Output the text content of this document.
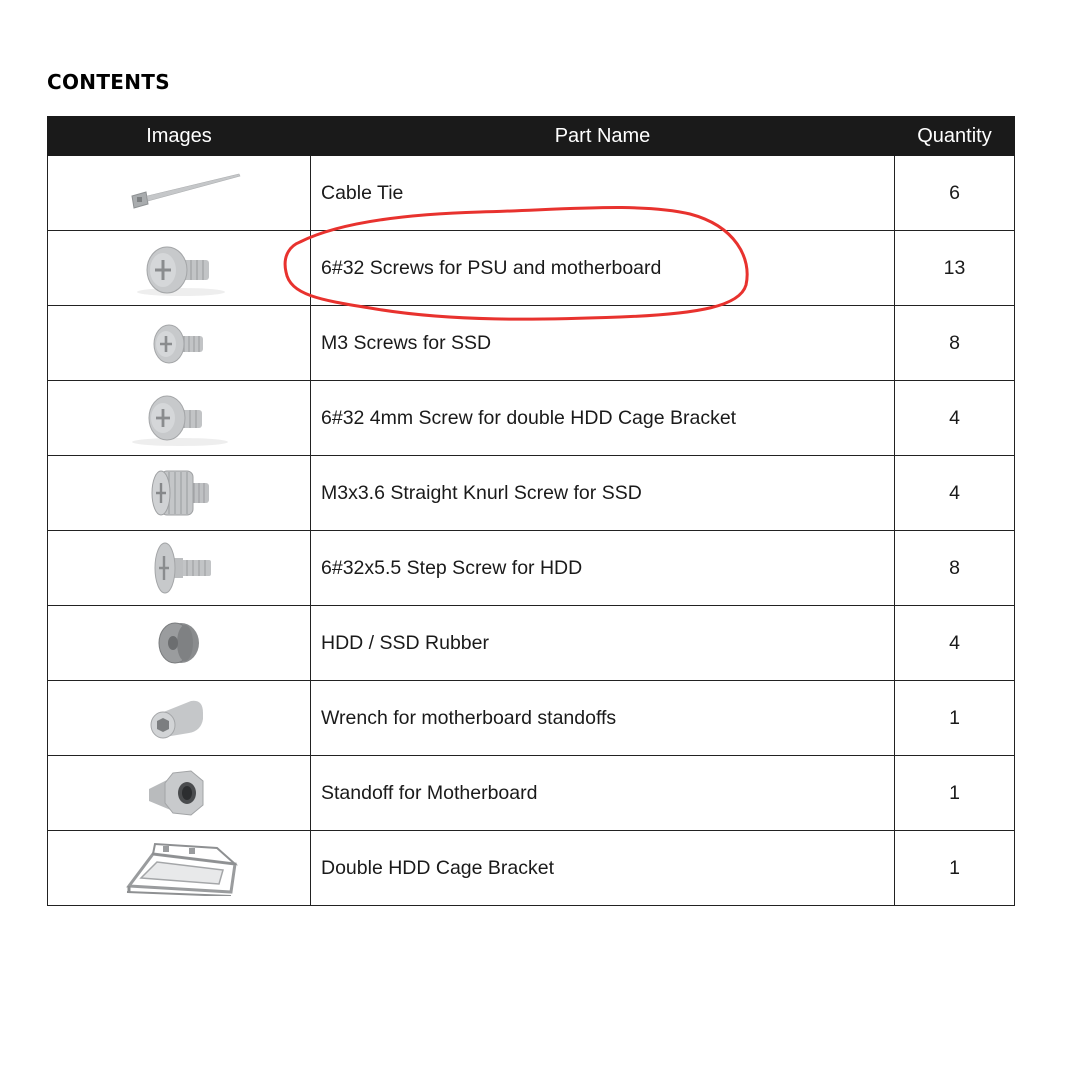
CONTENTS
Images	Part Name	Quantity

	Cable Tie	6

	6#32 Screws for PSU and motherboard	13

	M3 Screws for SSD	8

	6#32 4mm Screw for double HDD Cage Bracket	4

	M3x3.6 Straight Knurl Screw for SSD	4

	6#32x5.5 Step Screw for HDD	8

	HDD / SSD Rubber	4

	Wrench for motherboard standoffs	1

	Standoff for Motherboard	1

	Double HDD Cage Bracket	1
